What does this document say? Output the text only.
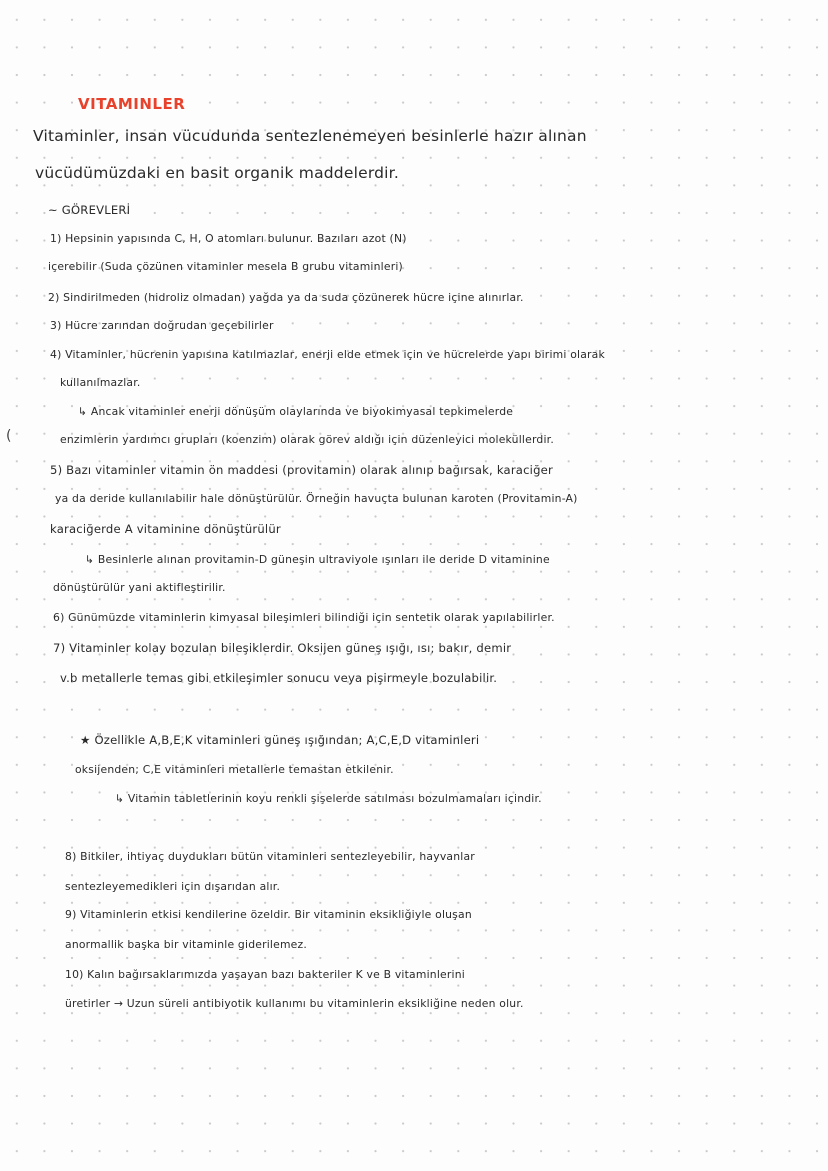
VITAMINLER
Vitaminler, insan vücudunda sentezlenemeyen besinlerle hazır alınan
vücüdümüzdaki en basit organik maddelerdir.
~ GÖREVLERİ
1) Hepsinin yapısında C, H, O atomları bulunur. Bazıları azot (N)
içerebilir (Suda çözünen vitaminler mesela B grubu vitaminleri)
2) Sindirilmeden (hidroliz olmadan) yağda ya da suda çözünerek hücre içine alınırlar.
3) Hücre zarından doğrudan geçebilirler
4) Vitaminler, hücrenin yapısına katılmazlar, enerji elde etmek için ve hücrelerde yapı birimi olarak
kullanılmazlar.
↳ Ancak vitaminler enerji dönüşüm olaylarında ve biyokimyasal tepkimelerde
enzimlerin yardımcı grupları (koenzim) olarak görev aldığı için düzenleyici moleküllerdir.
5) Bazı vitaminler vitamin ön maddesi (provitamin) olarak alınıp bağırsak, karaciğer
ya da deride kullanılabilir hale dönüştürülür. Örneğin havuçta bulunan karoten (Provitamin-A)
karaciğerde A vitaminine dönüştürülür
↳ Besinlerle alınan provitamin-D güneşin ultraviyole ışınları ile deride D vitaminine
dönüştürülür yani aktifleştirilir.
6) Günümüzde vitaminlerin kimyasal bileşimleri bilindiği için sentetik olarak yapılabilirler.
7) Vitaminler kolay bozulan bileşiklerdir. Oksijen güneş ışığı, ısı; bakır, demir
v.b metallerle temas gibi etkileşimler sonucu veya pişirmeyle bozulabilir.
★ Özellikle A,B,E,K vitaminleri güneş ışığından; A,C,E,D vitaminleri
oksijenden; C,E vitaminleri metallerle temastan etkilenir.
↳ Vitamin tabletlerinin koyu renkli şişelerde satılması bozulmamaları içindir.
8) Bitkiler, ihtiyaç duydukları bütün vitaminleri sentezleyebilir, hayvanlar
sentezleyemedikleri için dışarıdan alır.
9) Vitaminlerin etkisi kendilerine özeldir. Bir vitaminin eksikliğiyle oluşan
anormallik başka bir vitaminle giderilemez.
10) Kalın bağırsaklarımızda yaşayan bazı bakteriler K ve B vitaminlerini
üretirler → Uzun süreli antibiyotik kullanımı bu vitaminlerin eksikliğine neden olur.
(
